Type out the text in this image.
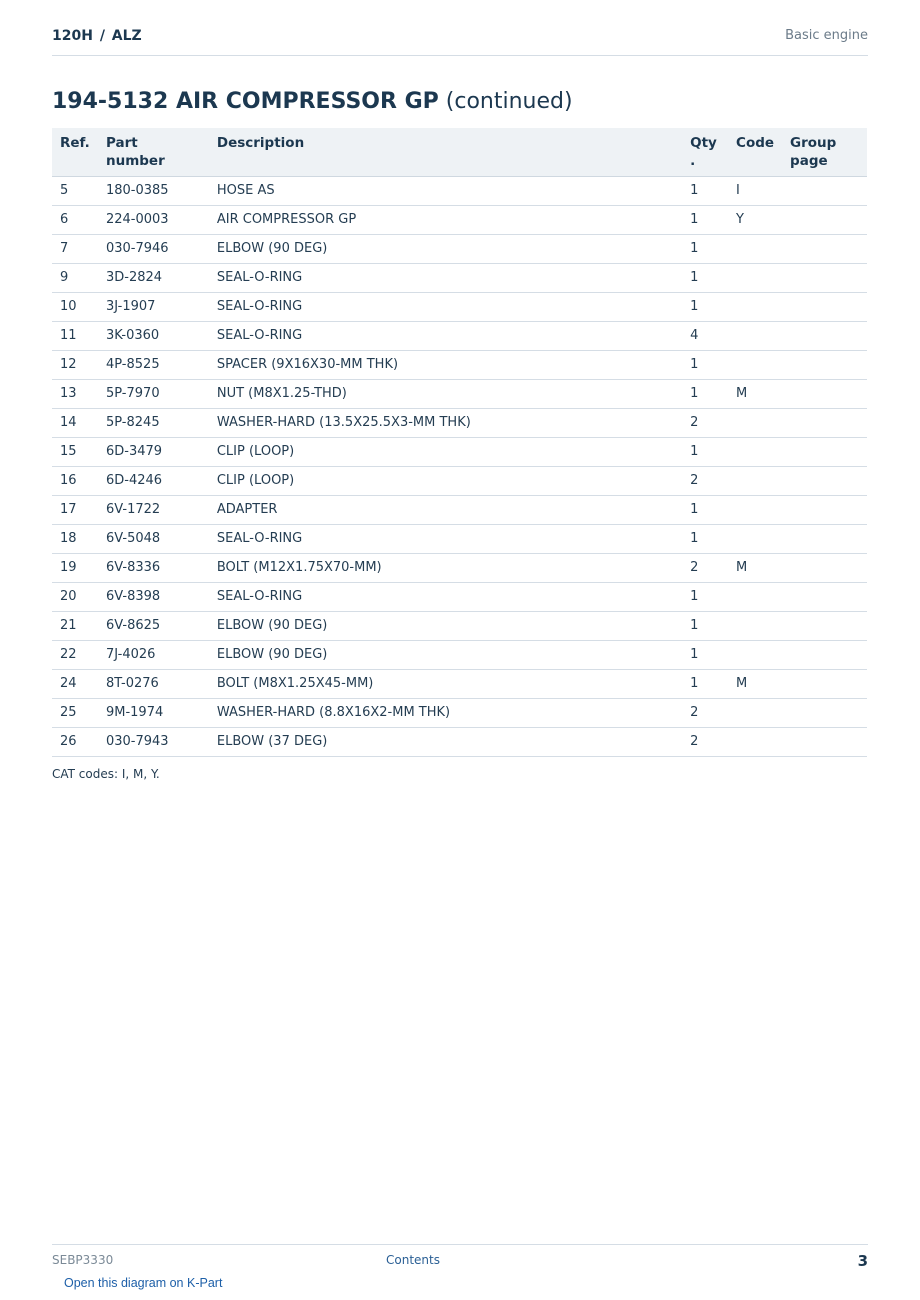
120H / ALZ	Basic engine
194-5132 AIR COMPRESSOR GP (continued)
Ref.	Part number	Description	Qty .	Code	Group page
5	180-0385	HOSE AS	1	I	
6	224-0003	AIR COMPRESSOR GP	1	Y	
7	030-7946	ELBOW (90 DEG)	1		
9	3D-2824	SEAL-O-RING	1		
10	3J-1907	SEAL-O-RING	1		
11	3K-0360	SEAL-O-RING	4		
12	4P-8525	SPACER (9X16X30-MM THK)	1		
13	5P-7970	NUT (M8X1.25-THD)	1	M	
14	5P-8245	WASHER-HARD (13.5X25.5X3-MM THK)	2		
15	6D-3479	CLIP (LOOP)	1		
16	6D-4246	CLIP (LOOP)	2		
17	6V-1722	ADAPTER	1		
18	6V-5048	SEAL-O-RING	1		
19	6V-8336	BOLT (M12X1.75X70-MM)	2	M	
20	6V-8398	SEAL-O-RING	1		
21	6V-8625	ELBOW (90 DEG)	1		
22	7J-4026	ELBOW (90 DEG)	1		
24	8T-0276	BOLT (M8X1.25X45-MM)	1	M	
25	9M-1974	WASHER-HARD (8.8X16X2-MM THK)	2		
26	030-7943	ELBOW (37 DEG)	2		
CAT codes: I, M, Y.
SEBP3330	Contents	3
Open this diagram on K-Part
